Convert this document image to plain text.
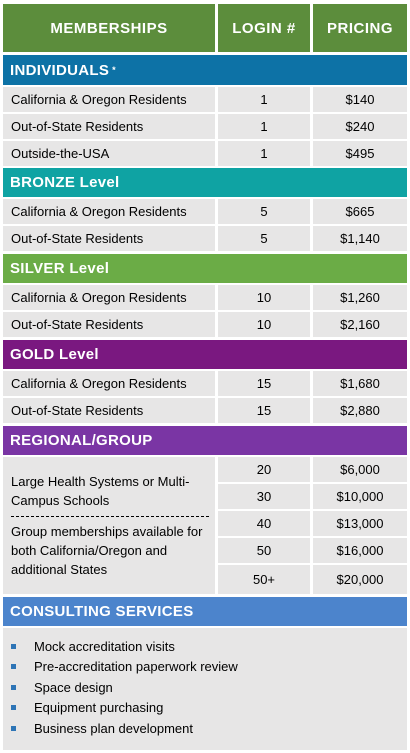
MEMBERSHIPS	LOGIN #	PRICING
INDIVIDUALS *
California & Oregon Residents	1	$140
Out-of-State Residents	1	$240
Outside-the-USA	1	$495
BRONZE Level
California & Oregon Residents	5	$665
Out-of-State Residents	5	$1,140
SILVER Level
California & Oregon Residents	10	$1,260
Out-of-State Residents	10	$2,160
GOLD Level
California & Oregon Residents	15	$1,680
Out-of-State Residents	15	$2,880
REGIONAL/GROUP
Large Health Systems or Multi-Campus Schools
Group memberships available for both California/Oregon and additional States
20	$6,000
30	$10,000
40	$13,000
50	$16,000
50+	$20,000
CONSULTING SERVICES
Mock accreditation visits
Pre-accreditation paperwork review
Space design
Equipment purchasing
Business plan development
